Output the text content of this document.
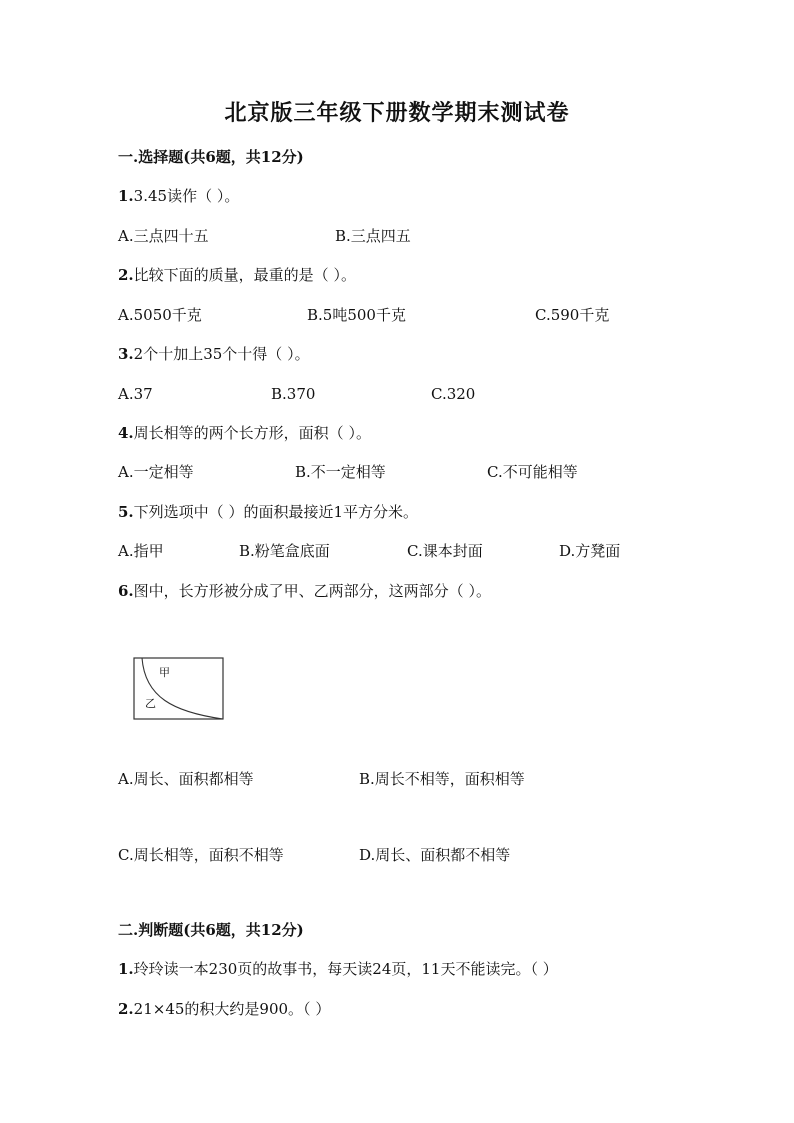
北京版三年级下册数学期末测试卷
一.选择题(共6题，共12分)
1.3.45读作（ ）。
A.三点四十五	B.三点四五
2.比较下面的质量，最重的是（ ）。
A.5050千克	B.5吨500千克	C.590千克
3.2个十加上35个十得（ ）。
A.37	B.370	C.320
4.周长相等的两个长方形，面积（ ）。
A.一定相等	B.不一定相等	C.不可能相等
5.下列选项中（ ）的面积最接近1平方分米。
A.指甲	B.粉笔盒底面	C.课本封面	D.方凳面
6.图中，长方形被分成了甲、乙两部分，这两部分（ ）。
甲
乙
A.周长、面积都相等	B.周长不相等，面积相等
C.周长相等，面积不相等	D.周长、面积都不相等
二.判断题(共6题，共12分)
1.玲玲读一本230页的故事书，每天读24页，11天不能读完。（ ）
2.21×45的积大约是900。（ ）
